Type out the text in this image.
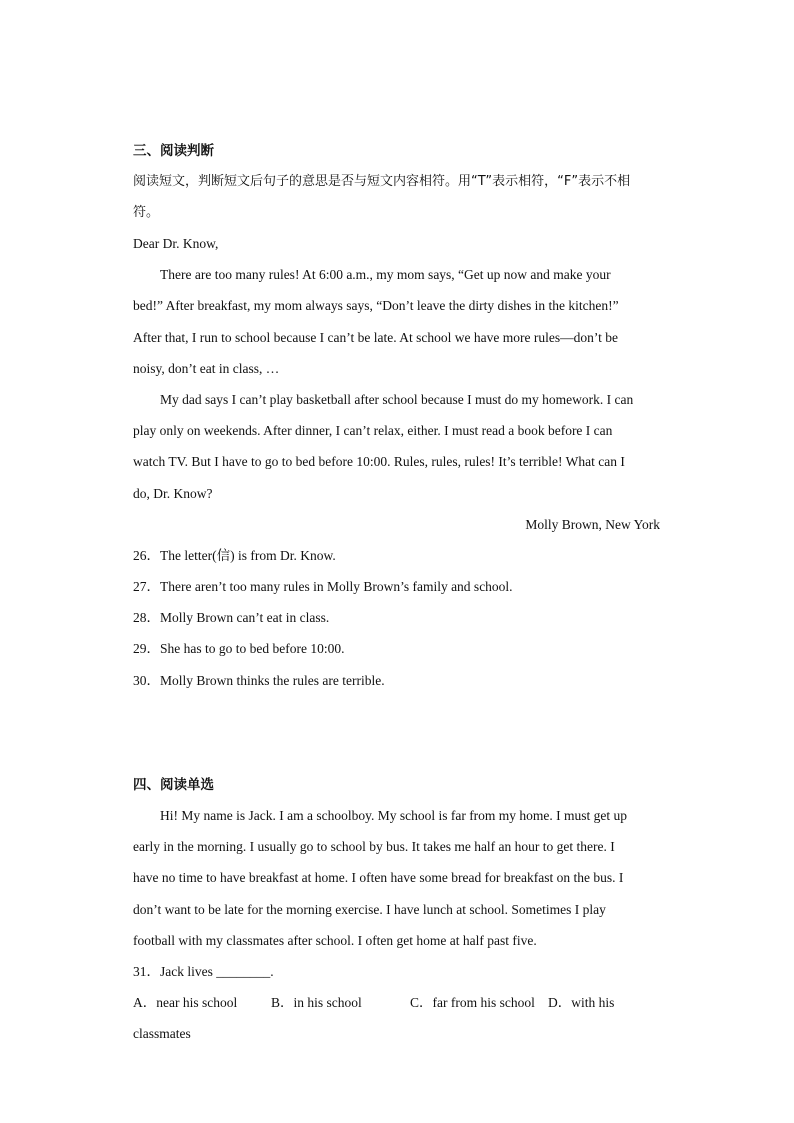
三、阅读判断
阅读短文，判断短文后句子的意思是否与短文内容相符。用“T”表示相符，“F”表示不相
符。
Dear Dr. Know,
There are too many rules! At 6:00 a.m., my mom says, “Get up now and make your
bed!” After breakfast, my mom always says, “Don’t leave the dirty dishes in the kitchen!”
After that, I run to school because I can’t be late. At school we have more rules—don’t be
noisy, don’t eat in class, …
My dad says I can’t play basketball after school because I must do my homework. I can
play only on weekends. After dinner, I can’t relax, either. I must read a book before I can
watch TV. But I have to go to bed before 10:00. Rules, rules, rules! It’s terrible! What can I
do, Dr. Know?
Molly Brown, New York
26．The letter(信) is from Dr. Know.
27．There aren’t too many rules in Molly Brown’s family and school.
28．Molly Brown can’t eat in class.
29．She has to go to bed before 10:00.
30．Molly Brown thinks the rules are terrible.
四、阅读单选
Hi! My name is Jack. I am a schoolboy. My school is far from my home. I must get up
early in the morning. I usually go to school by bus. It takes me half an hour to get there. I
have no time to have breakfast at home. I often have some bread for breakfast on the bus. I
don’t want to be late for the morning exercise. I have lunch at school. Sometimes I play
football with my classmates after school. I often get home at half past five.
31．Jack lives ________.
A．near his school	B．in his school	C．far from his school D．with his
classmates
